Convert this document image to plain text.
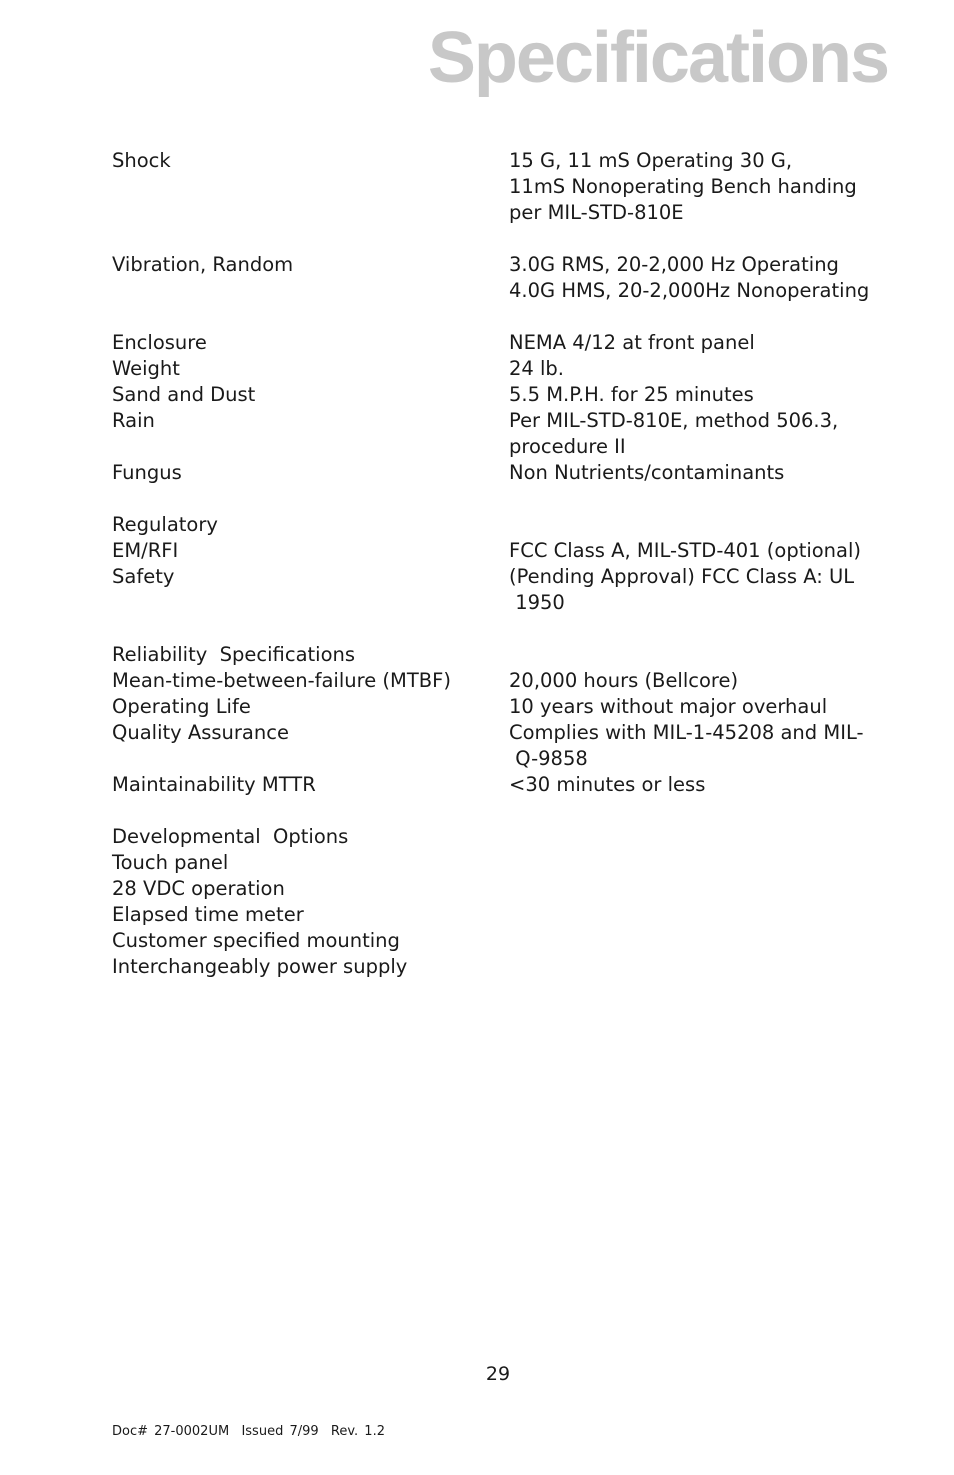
Specifications
Shock	15 G, 11 mS Operating 30 G,
11mS Nonoperating Bench handing
per MIL-STD-810E
Vibration, Random	3.0G RMS, 20-2,000 Hz Operating
4.0G HMS, 20-2,000Hz Nonoperating
Enclosure	NEMA 4/12 at front panel
Weight	24 lb.
Sand and Dust	5.5 M.P.H. for 25 minutes
Rain	Per MIL-STD-810E, method 506.3,
procedure II
Fungus	Non Nutrients/contaminants
Regulatory
EM/RFI	FCC Class A, MIL-STD-401 (optional)
Safety	(Pending Approval) FCC Class A: UL
1950
Reliability  Specifications
Mean-time-between-failure (MTBF)	20,000 hours (Bellcore)
Operating Life	10 years without major overhaul
Quality Assurance	Complies with MIL-1-45208 and MIL-
Q-9858
Maintainability MTTR	<30 minutes or less
Developmental  Options
Touch panel
28 VDC operation
Elapsed time meter
Customer specified mounting
Interchangeably power supply
29
Doc# 27-0002UM  Issued 7/99  Rev. 1.2
